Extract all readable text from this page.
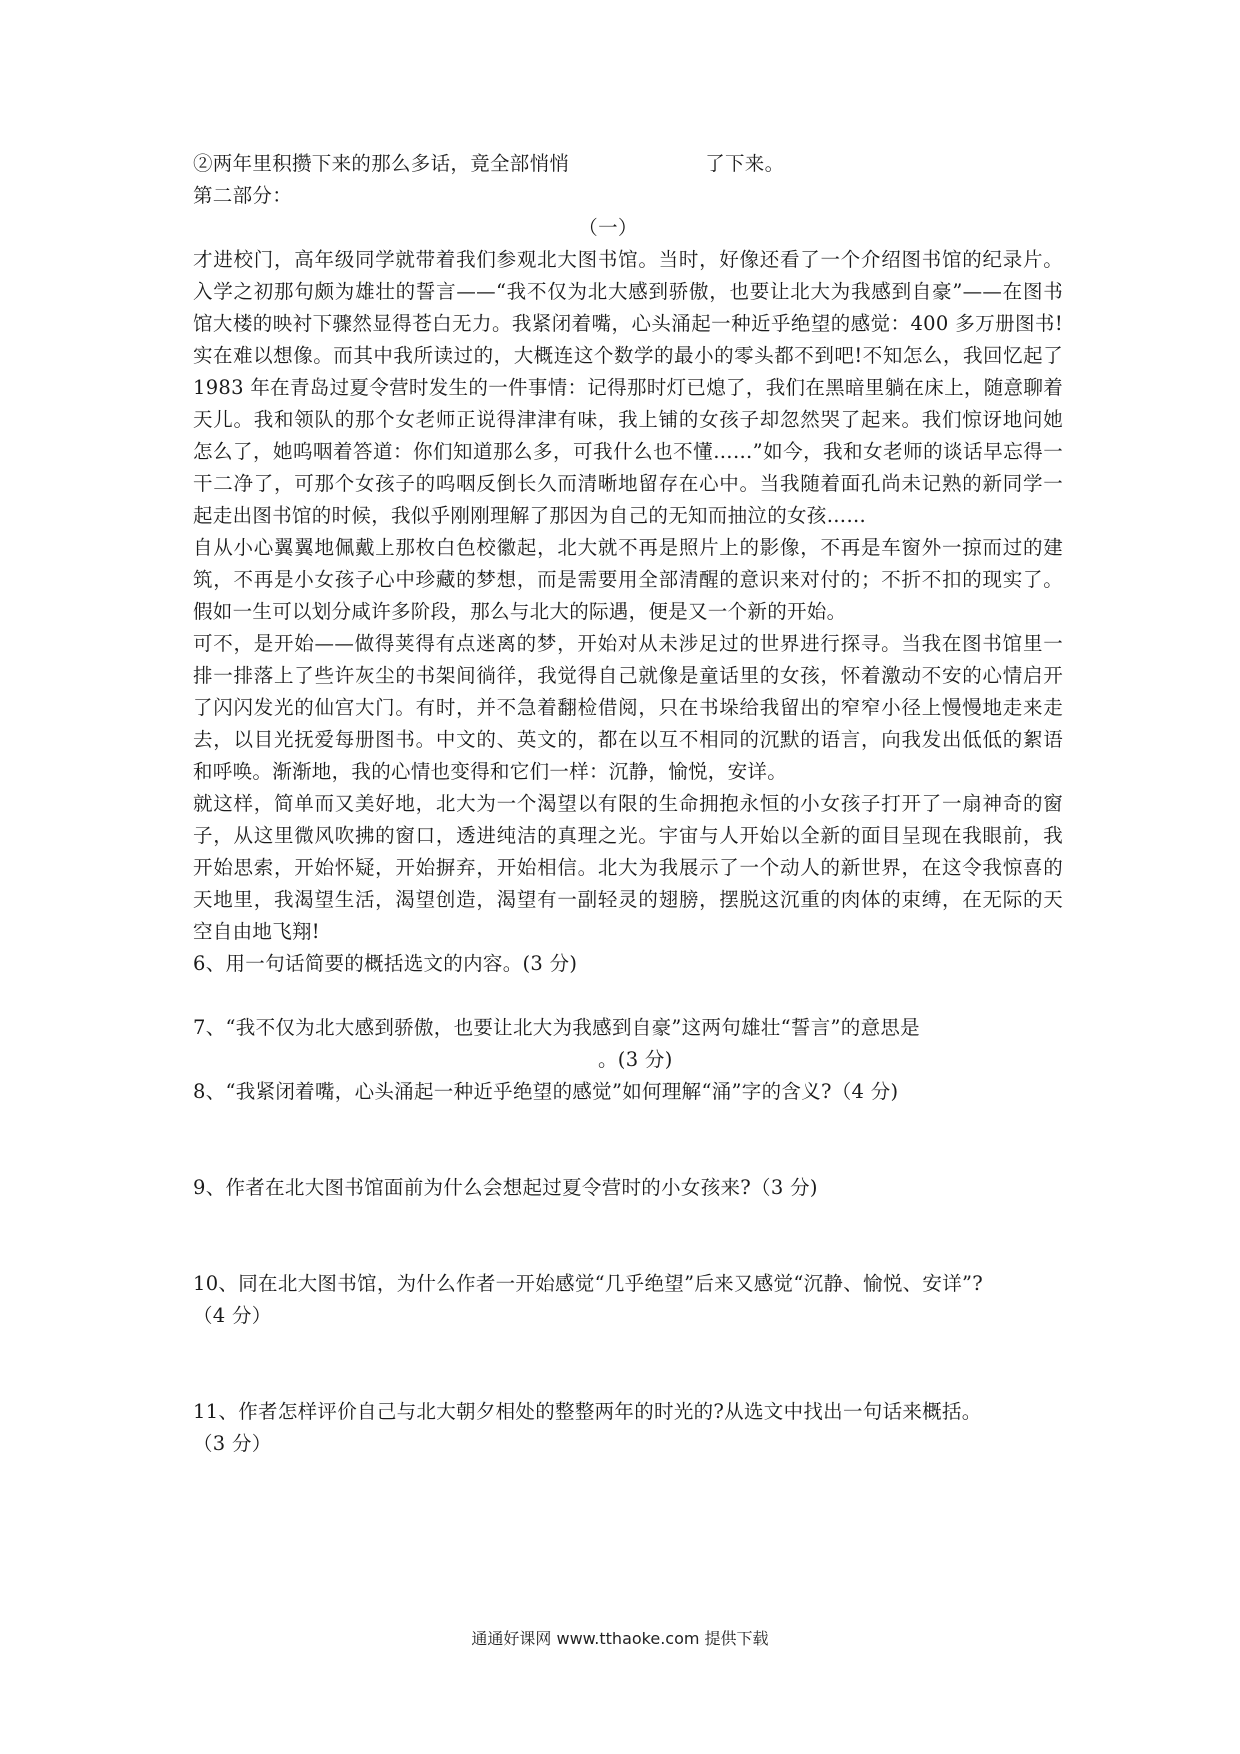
②两年里积攒下来的那么多话，竟全部悄悄	了下来。
第二部分：
（一）
才进校门，高年级同学就带着我们参观北大图书馆。当时，好像还看了一个介绍图书馆的纪录片。入学之初那句颇为雄壮的誓言——“我不仅为北大感到骄傲，也要让北大为我感到自豪”——在图书馆大楼的映衬下骤然显得苍白无力。我紧闭着嘴，心头涌起一种近乎绝望的感觉：400 多万册图书!实在难以想像。而其中我所读过的，大概连这个数学的最小的零头都不到吧!不知怎么，我回忆起了 1983 年在青岛过夏令营时发生的一件事情：记得那时灯已熄了，我们在黑暗里躺在床上，随意聊着天儿。我和领队的那个女老师正说得津津有味，我上铺的女孩子却忽然哭了起来。我们惊讶地问她怎么了，她呜咽着答道：你们知道那么多，可我什么也不懂……”如今，我和女老师的谈话早忘得一干二净了，可那个女孩子的呜咽反倒长久而清晰地留存在心中。当我随着面孔尚未记熟的新同学一起走出图书馆的时候，我似乎刚刚理解了那因为自己的无知而抽泣的女孩……
自从小心翼翼地佩戴上那枚白色校徽起，北大就不再是照片上的影像，不再是车窗外一掠而过的建筑，不再是小女孩子心中珍藏的梦想，而是需要用全部清醒的意识来对付的；不折不扣的现实了。假如一生可以划分咸许多阶段，那么与北大的际遇，便是又一个新的开始。
可不，是开始——做得荚得有点迷离的梦，开始对从未涉足过的世界进行探寻。当我在图书馆里一排一排落上了些许灰尘的书架间徜徉，我觉得自己就像是童话里的女孩，怀着激动不安的心情启开了闪闪发光的仙宫大门。有时，并不急着翻检借阅，只在书垛给我留出的窄窄小径上慢慢地走来走去，以目光抚爱每册图书。中文的、英文的，都在以互不相同的沉默的语言，向我发出低低的絮语和呼唤。渐渐地，我的心情也变得和它们一样：沉静，愉悦，安详。
就这样，简单而又美好地，北大为一个渴望以有限的生命拥抱永恒的小女孩子打开了一扇神奇的窗子，从这里微风吹拂的窗口，透进纯洁的真理之光。宇宙与人开始以全新的面目呈现在我眼前，我开始思索，开始怀疑，开始摒弃，开始相信。北大为我展示了一个动人的新世界，在这令我惊喜的天地里，我渴望生活，渴望创造，渴望有一副轻灵的翅膀，摆脱这沉重的肉体的束缚，在无际的天空自由地飞翔!
6、用一句话简要的概括选文的内容。(3 分)
7、“我不仅为北大感到骄傲，也要让北大为我感到自豪”这两句雄壮“誓言”的意思是
。(3 分)
8、“我紧闭着嘴，心头涌起一种近乎绝望的感觉”如何理解“涌”字的含义?（4 分)
9、作者在北大图书馆面前为什么会想起过夏令营时的小女孩来?（3 分)
10、同在北大图书馆，为什么作者一开始感觉“几乎绝望”后来又感觉“沉静、愉悦、安详”?
（4 分）
11、作者怎样评价自己与北大朝夕相处的整整两年的时光的?从选文中找出一句话来概括。
（3 分）
通通好课网 www.tthaoke.com 提供下载
